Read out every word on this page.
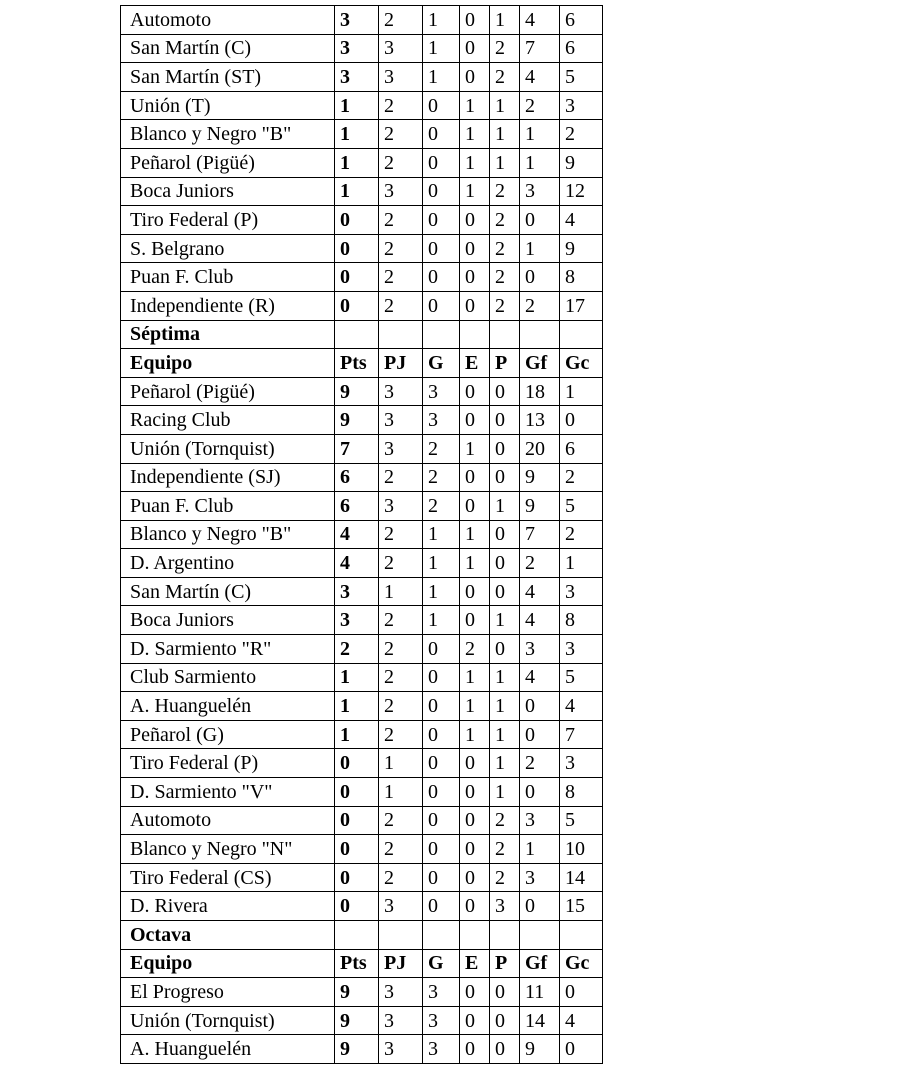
Automoto	3	2	1	0	1	4	6
San Martín (C)	3	3	1	0	2	7	6
San Martín (ST)	3	3	1	0	2	4	5
Unión (T)	1	2	0	1	1	2	3
Blanco y Negro "B"	1	2	0	1	1	1	2
Peñarol (Pigüé)	1	2	0	1	1	1	9
Boca Juniors	1	3	0	1	2	3	12
Tiro Federal (P)	0	2	0	0	2	0	4
S. Belgrano	0	2	0	0	2	1	9
Puan F. Club	0	2	0	0	2	0	8
Independiente (R)	0	2	0	0	2	2	17
Séptima							
Equipo	Pts	PJ	G	E	P	Gf	Gc
Peñarol (Pigüé)	9	3	3	0	0	18	1
Racing Club	9	3	3	0	0	13	0
Unión (Tornquist)	7	3	2	1	0	20	6
Independiente (SJ)	6	2	2	0	0	9	2
Puan F. Club	6	3	2	0	1	9	5
Blanco y Negro "B"	4	2	1	1	0	7	2
D. Argentino	4	2	1	1	0	2	1
San Martín (C)	3	1	1	0	0	4	3
Boca Juniors	3	2	1	0	1	4	8
D. Sarmiento "R"	2	2	0	2	0	3	3
Club Sarmiento	1	2	0	1	1	4	5
A. Huanguelén	1	2	0	1	1	0	4
Peñarol (G)	1	2	0	1	1	0	7
Tiro Federal (P)	0	1	0	0	1	2	3
D. Sarmiento "V"	0	1	0	0	1	0	8
Automoto	0	2	0	0	2	3	5
Blanco y Negro "N"	0	2	0	0	2	1	10
Tiro Federal (CS)	0	2	0	0	2	3	14
D. Rivera	0	3	0	0	3	0	15
Octava							
Equipo	Pts	PJ	G	E	P	Gf	Gc
El Progreso	9	3	3	0	0	11	0
Unión (Tornquist)	9	3	3	0	0	14	4
A. Huanguelén	9	3	3	0	0	9	0
